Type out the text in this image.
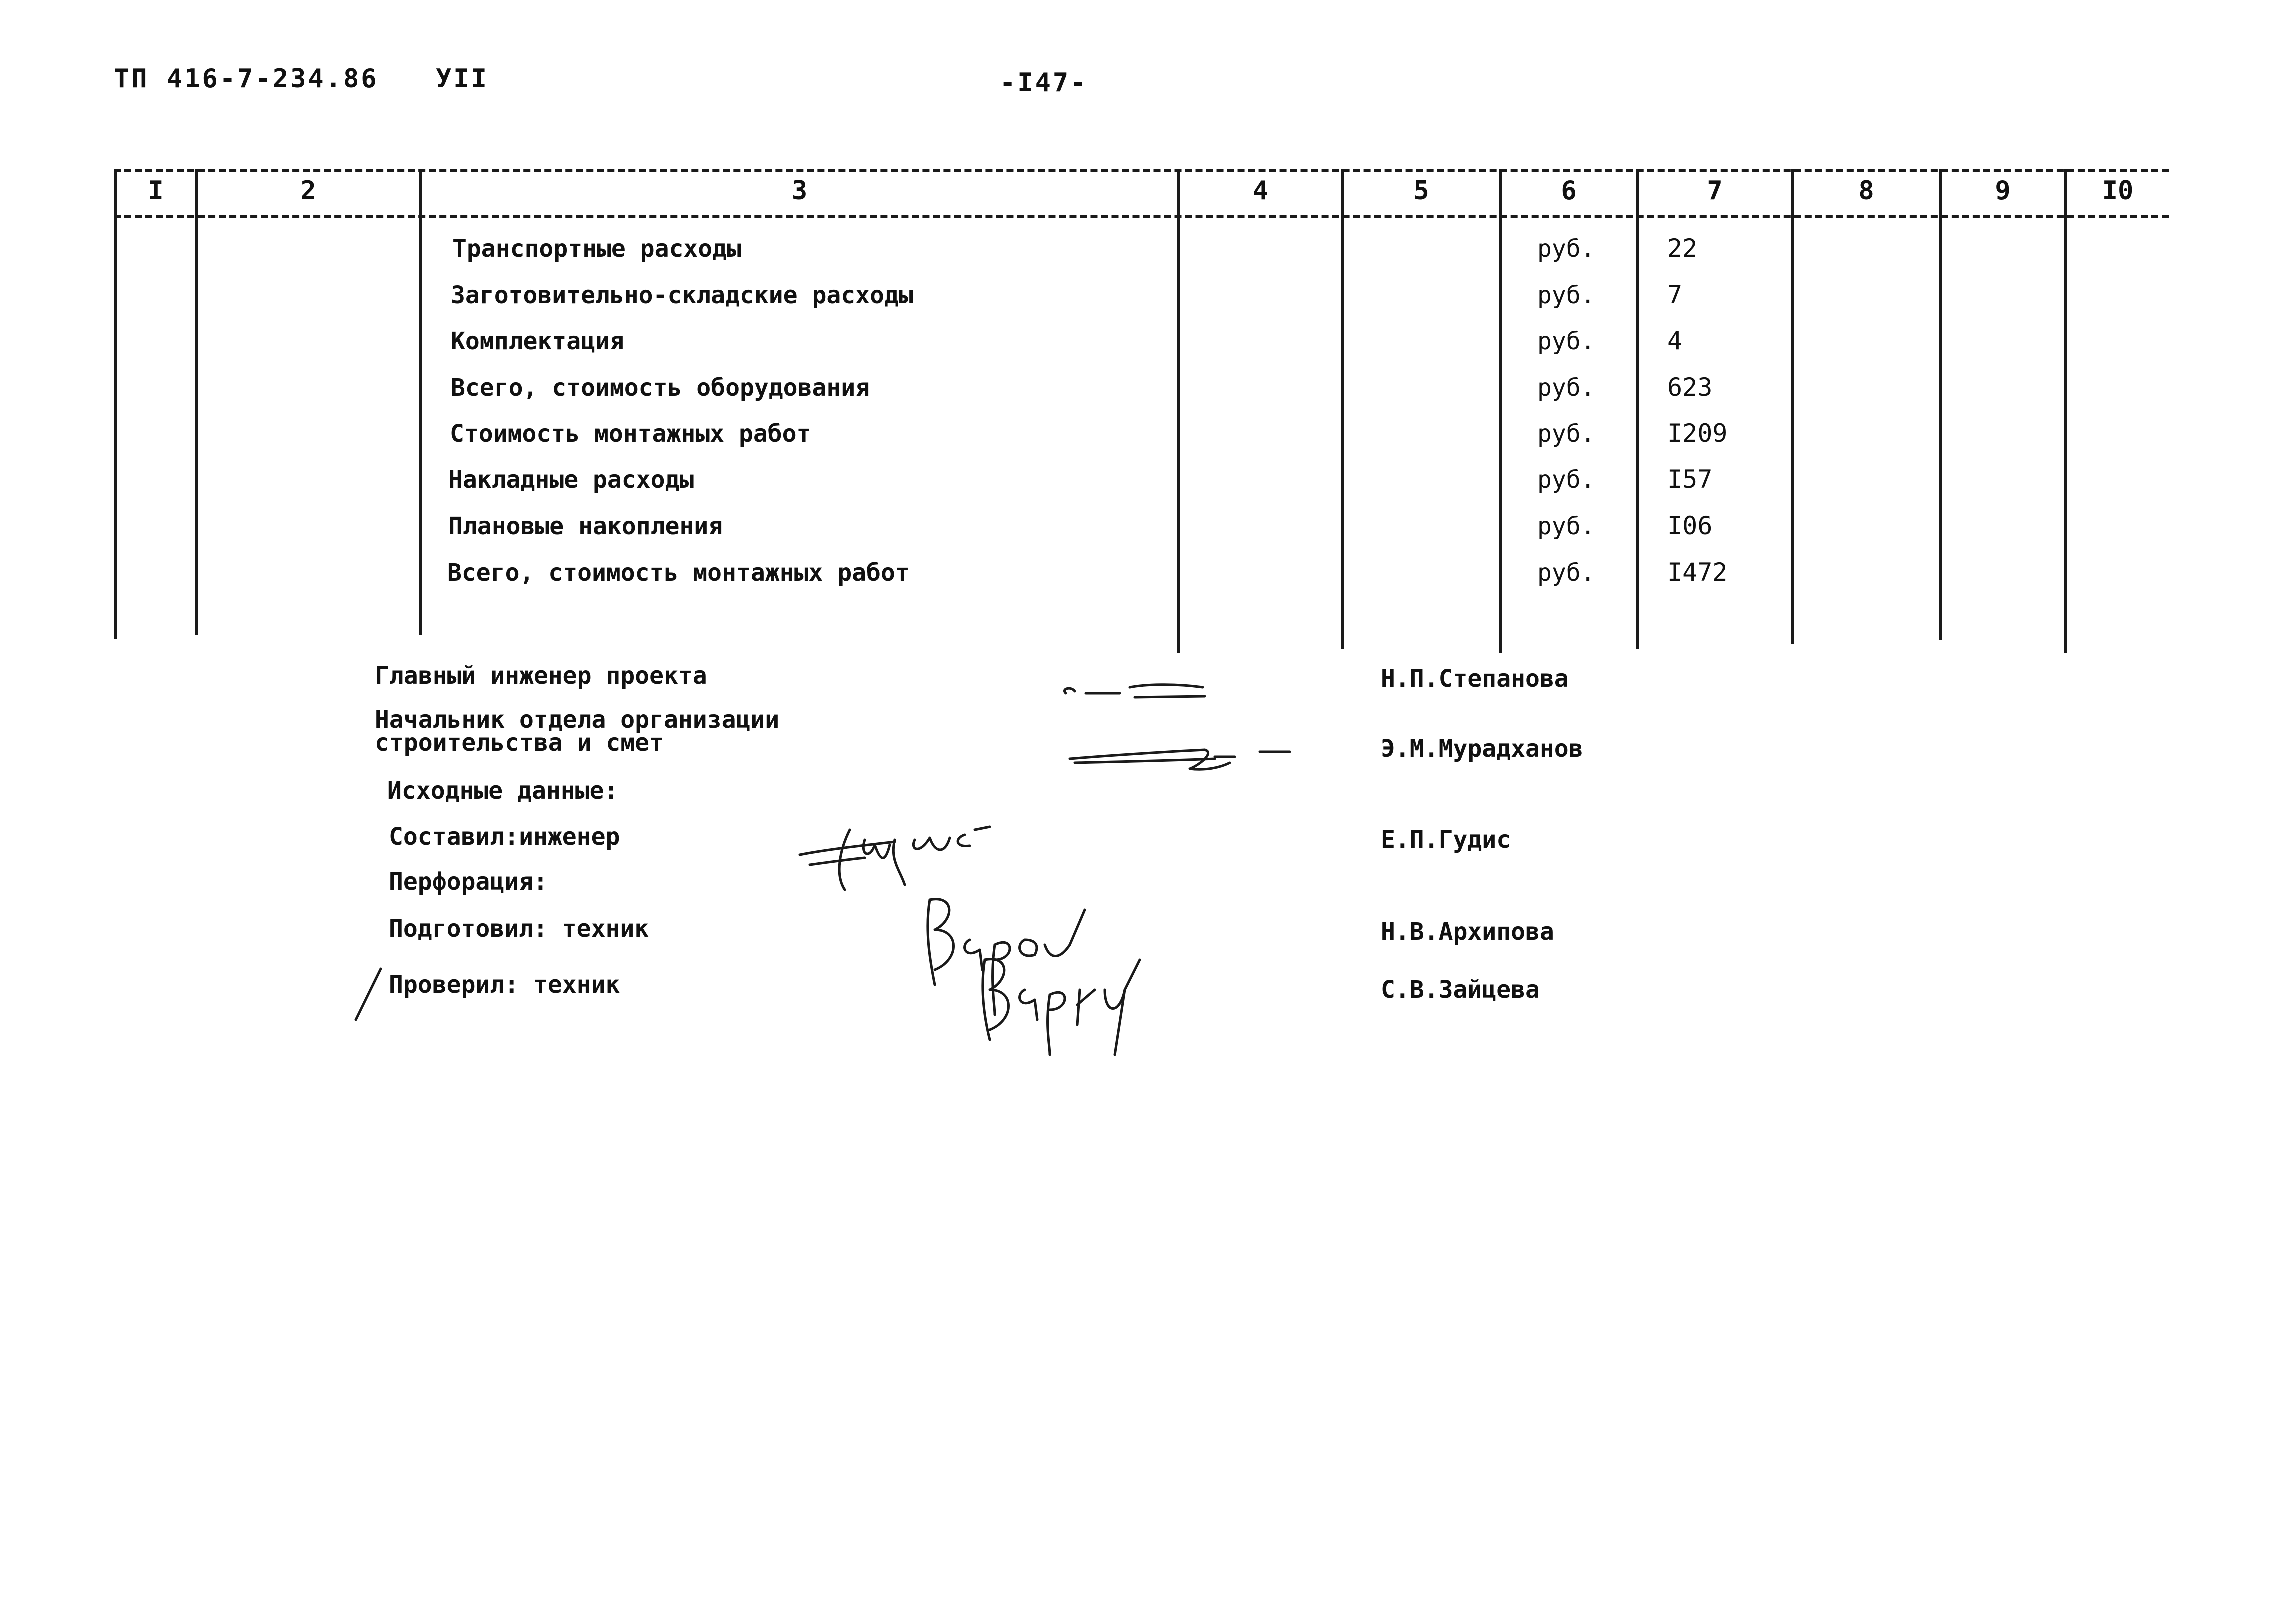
ТП 416-7-234.86 УII	-I47-
I	2	3	4	5	6	7	8	9	I0
Транспортные расходы	руб.	22
Заготовительно-складские расходы	руб.	7
Комплектация	руб.	4
Всего, стоимость оборудования	руб.	623
Стоимость монтажных работ	руб.	I209
Накладные расходы	руб.	I57
Плановые накопления	руб.	I06
Всего, стоимость монтажных работ	руб.	I472
Главный инженер проекта	Н.П.Степанова
Начальник отдела организации
строительства и смет	Э.М.Мурадханов
Исходные данные:
Составил:инженер	Е.П.Гудис
Перфорация:
Подготовил: техник	Н.В.Архипова
Проверил: техник	С.В.Зайцева
